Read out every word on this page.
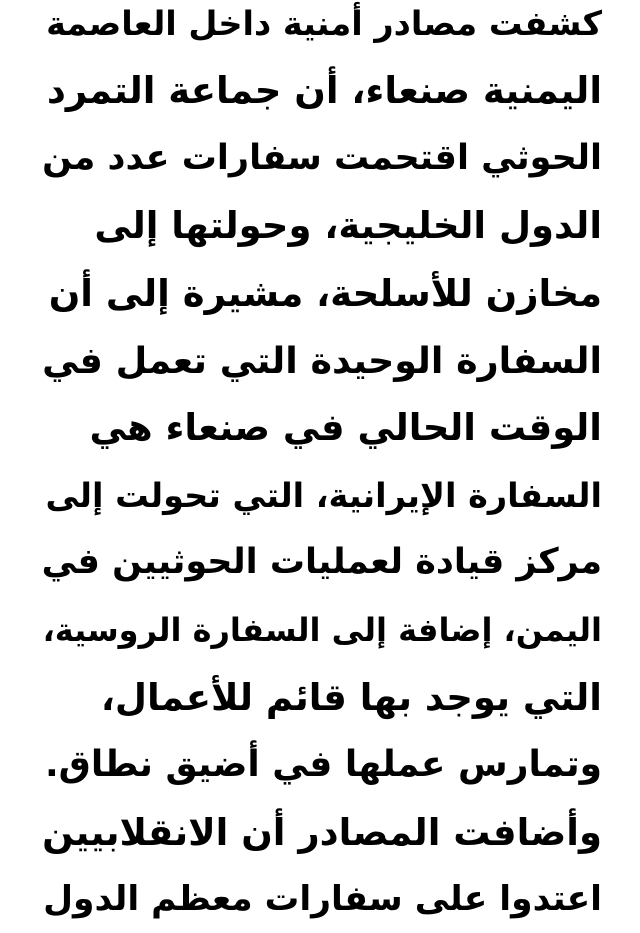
كشفت مصادر أمنية داخل العاصمة
اليمنية صنعاء، أن جماعة التمرد
الحوثي اقتحمت سفارات عدد من
الدول الخليجية، وحولتها إلى
مخازن للأسلحة، مشيرة إلى أن
السفارة الوحيدة التي تعمل في
الوقت الحالي في صنعاء هي
السفارة الإيرانية، التي تحولت إلى
مركز قيادة لعمليات الحوثيين في
اليمن، إضافة إلى السفارة الروسية،
التي يوجد بها قائم للأعمال،
وتمارس عملها في أضيق نطاق.
وأضافت المصادر أن الانقلابيين
اعتدوا على سفارات معظم الدول
